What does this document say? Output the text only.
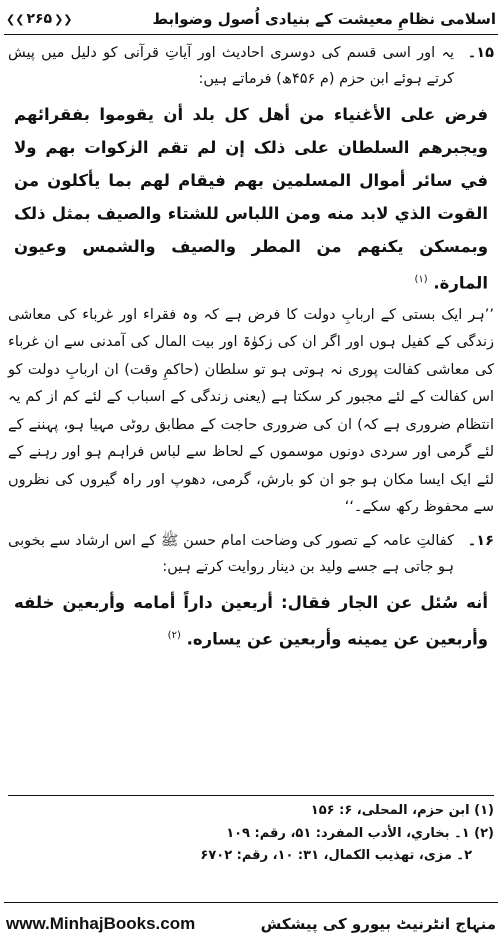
❮❮ ۲۶۵ ❯❯	اسلامی نظامِ معیشت کے بنیادی اُصول وضوابط
۱۵۔

یہ اور اسی قسم کی دوسری احادیث اور آیاتِ قرآنی کو دلیل میں پیش کرتے ہوئے ابن حزم (م ۴۵۶ھ) فرماتے ہیں:

فرض على الأغنياء من أهل كل بلد أن يقوموا بفقرائهم ويجبرهم السلطان على ذلک إن لم تقم الزكوات بهم ولا في سائر أموال المسلمين بهم فيقام لهم بما يأكلون من القوت الذي لابد منه ومن اللباس للشتاء والصيف بمثل ذلک وبمسكن يكنهم من المطر والصيف والشمس وعيون المارة. $^{(۱)}$

’’ہر ایک بستی کے اربابِ دولت کا فرض ہے کہ وہ فقراء اور غرباء کی معاشی زندگی کے کفیل ہوں اور اگر ان کی زکوٰۃ اور بیت المال کی آمدنی سے ان غرباء کی معاشی کفالت پوری نہ ہوتی ہو تو سلطان (حاکمِ وقت) ان اربابِ دولت کو اس کفالت کے لئے مجبور کر سکتا ہے (یعنی زندگی کے اسباب کے لئے کم از کم یہ انتظام ضروری ہے کہ) ان کی ضروری حاجت کے مطابق روٹی مہیا ہو، پہننے کے لئے گرمی اور سردی دونوں موسموں کے لحاظ سے لباس فراہم ہو اور رہنے کے لئے ایک ایسا مکان ہو جو ان کو بارش، گرمی، دھوپ اور راہ گیروں کی نظروں سے محفوظ رکھ سکے۔‘‘

۱۶۔

کفالتِ عامہ کے تصور کی وضاحت امام حسن ﷺ کے اس ارشاد سے بخوبی ہو جاتی ہے جسے ولید بن دینار روایت کرتے ہیں:

أنه سُئل عن الجار فقال: أربعين داراً أمامه وأربعين خلفه وأربعين عن يمينه وأربعين عن يساره. $^{(۲)}$

(۱) ابن حزم، المحلى، ۶: ۱۵۶
(۲) ۱۔ بخاري، الأدب المفرد: ۵۱، رقم: ۱۰۹
۲۔ مزی، تهذيب الكمال، ۳۱: ۱۰، رقم: ۶۷۰۲
www.MinhajBooks.com	منہاج انٹرنیٹ بیورو کی پیشکش
